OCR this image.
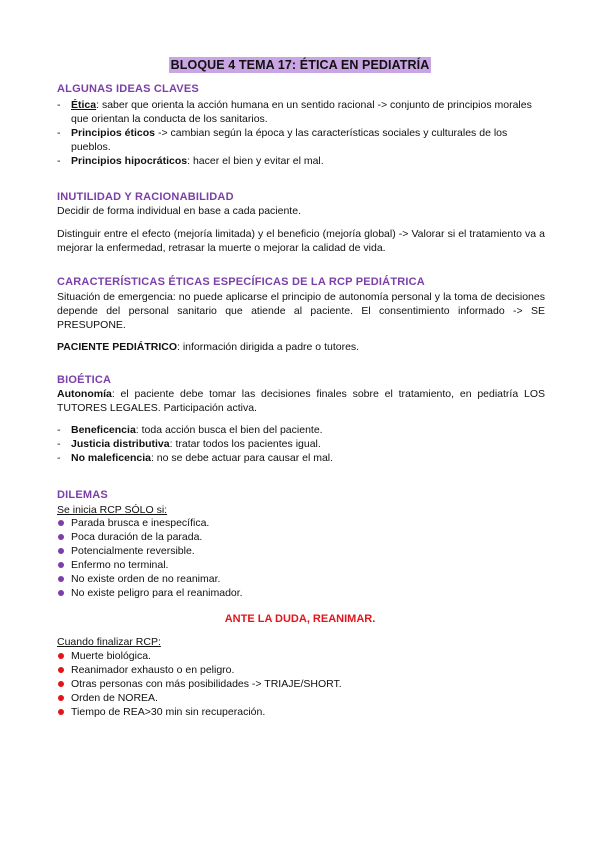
BLOQUE 4 TEMA 17: ÉTICA EN PEDIATRÍA
ALGUNAS IDEAS CLAVES
- Ética: saber que orienta la acción humana en un sentido racional -> conjunto de principios morales que orientan la conducta de los sanitarios.
- Principios éticos -> cambian según la época y las características sociales y culturales de los pueblos.
- Principios hipocráticos: hacer el bien y evitar el mal.
INUTILIDAD Y RACIONABILIDAD
Decidir de forma individual en base a cada paciente.
Distinguir entre el efecto (mejoría limitada) y el beneficio (mejoría global) -> Valorar si el tratamiento va a mejorar la enfermedad, retrasar la muerte o mejorar la calidad de vida.
CARACTERÍSTICAS ÉTICAS ESPECÍFICAS DE LA RCP PEDIÁTRICA
Situación de emergencia: no puede aplicarse el principio de autonomía personal y la toma de decisiones depende del personal sanitario que atiende al paciente. El consentimiento informado -> SE PRESUPONE.
PACIENTE PEDIÁTRICO: información dirigida a padre o tutores.
BIOÉTICA
Autonomía: el paciente debe tomar las decisiones finales sobre el tratamiento, en pediatría LOS TUTORES LEGALES. Participación activa.
- Beneficencia: toda acción busca el bien del paciente.
- Justicia distributiva: tratar todos los pacientes igual.
- No maleficencia: no se debe actuar para causar el mal.
DILEMAS
Se inicia RCP SÓLO si:
Parada brusca e inespecífica.
Poca duración de la parada.
Potencialmente reversible.
Enfermo no terminal.
No existe orden de no reanimar.
No existe peligro para el reanimador.
ANTE LA DUDA, REANIMAR.
Cuando finalizar RCP:
Muerte biológica.
Reanimador exhausto o en peligro.
Otras personas con más posibilidades -> TRIAJE/SHORT.
Orden de NOREA.
Tiempo de REA>30 min sin recuperación.
